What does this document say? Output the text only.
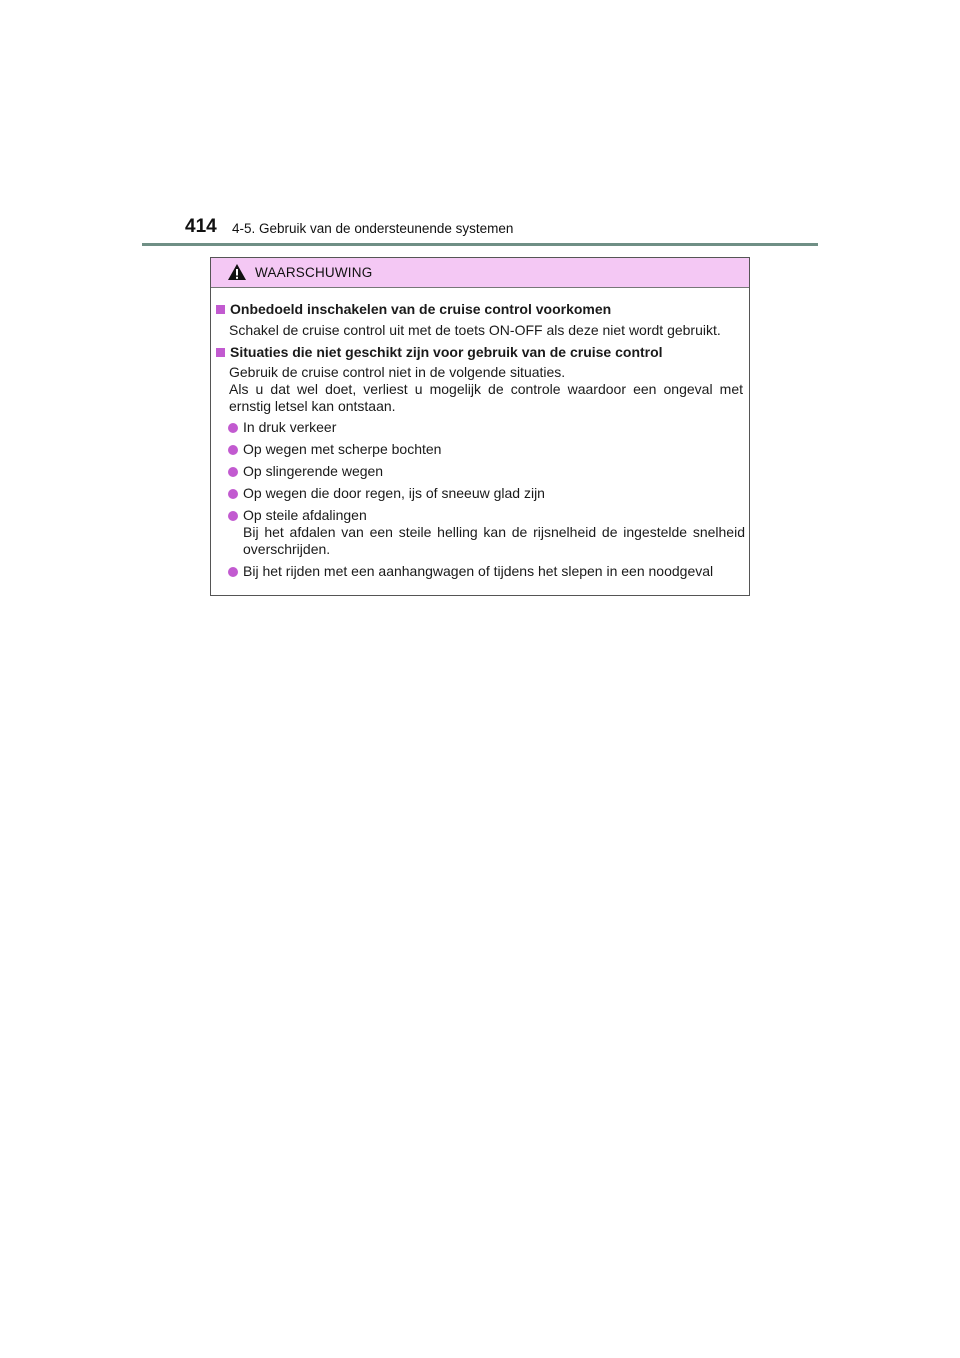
414 4-5. Gebruik van de ondersteunende systemen
WAARSCHUWING
Onbedoeld inschakelen van de cruise control voorkomen
Schakel de cruise control uit met de toets ON-OFF als deze niet wordt gebruikt.
Situaties die niet geschikt zijn voor gebruik van de cruise control
Gebruik de cruise control niet in de volgende situaties.
Als u dat wel doet, verliest u mogelijk de controle waardoor een ongeval met ernstig letsel kan ontstaan.
In druk verkeer
Op wegen met scherpe bochten
Op slingerende wegen
Op wegen die door regen, ijs of sneeuw glad zijn
Op steile afdalingen
Bij het afdalen van een steile helling kan de rijsnelheid de ingestelde snelheid overschrijden.
Bij het rijden met een aanhangwagen of tijdens het slepen in een noodgeval
